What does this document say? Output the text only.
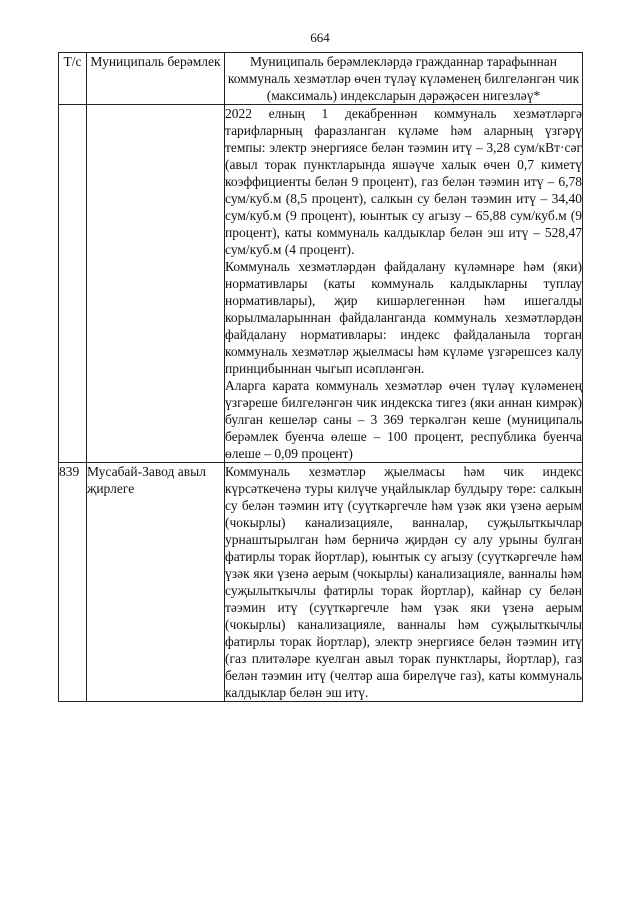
664
Т/с	Муниципаль берәмлек	Муниципаль берәмлекләрдә гражданнар тарафыннан коммуналь хезмәтләр өчен түләү күләменең билгеләнгән чик (максималь) индексларын дәрәҗәсен нигезләү*

		2022 елның 1 декабреннән коммуналь хезмәтләргә тарифларның фаразланган күләме һәм аларның үзгәрү темпы: электр энергиясе белән тәэмин итү – 3,28 сум/кВт·сәг (авыл торак пунктларында яшәүче халык өчен 0,7 киметү коэффициенты белән 9 процент), газ белән тәэмин итү – 6,78 сум/куб.м (8,5 процент), салкын су белән тәэмин итү – 34,40 сум/куб.м (9 процент), юынтык су агызу – 65,88 сум/куб.м (9 процент), каты коммуналь калдыклар белән эш итү – 528,47 сум/куб.м (4 процент).

Коммуналь хезмәтләрдән файдалану күләмнәре һәм (яки) нормативлары (каты коммуналь калдыкларны туплау нормативлары), җир кишәрлегеннән һәм ишегалды корылмаларыннан файдаланганда коммуналь хезмәтләрдән файдалану нормативлары: индекс файдаланыла торган коммуналь хезмәтләр җыелмасы һәм күләме үзгәрешсез калу принцибыннан чыгып исәпләнгән.

Аларга карата коммуналь хезмәтләр өчен түләү күләменең үзгәреше билгеләнгән чик индекска тигез (яки аннан кимрәк) булган кешеләр саны – 3 369 теркәлгән кеше (муниципаль берәмлек буенча өлеше – 100 процент, республика буенча өлеше – 0,09 процент)

839	Мусабай-Завод авыл җирлеге	Коммуналь хезмәтләр җыелмасы һәм чик индекс күрсәткеченә туры килүче уңайлыклар булдыру төре: салкын су белән тәэмин итү (суүткәргечле һәм үзәк яки үзенә аерым (чокырлы) канализацияле, ванналар, суҗылыткычлар урнаштырылган һәм берничә җирдән су алу урыны булган фатирлы торак йортлар), юынтык су агызу (суүткәргечле һәм үзәк яки үзенә аерым (чокырлы) канализацияле, ванналы һәм суҗылыткычлы фатирлы торак йортлар), кайнар су белән тәэмин итү (суүткәргечле һәм үзәк яки үзенә аерым (чокырлы) канализацияле, ванналы һәм суҗылыткычлы фатирлы торак йортлар), электр энергиясе белән тәэмин итү (газ плитәләре куелган авыл торак пунктлары, йортлар), газ белән тәэмин итү (челтәр аша бирелүче газ), каты коммуналь калдыклар белән эш итү.
